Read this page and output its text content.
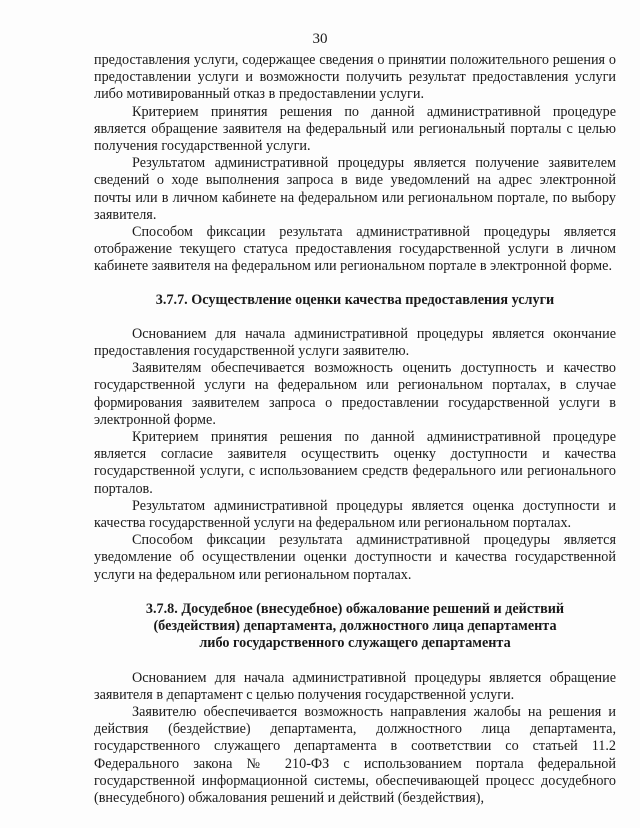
30

предоставления услуги, содержащее сведения о принятии положительного решения о предоставлении услуги и возможности получить результат предоставления услуги либо мотивированный отказ в предоставлении услуги.

Критерием принятия решения по данной административной процедуре является обращение заявителя на федеральный или региональный порталы с целью получения государственной услуги.

Результатом административной процедуры является получение заявителем сведений о ходе выполнения запроса в виде уведомлений на адрес электронной почты или в личном кабинете на федеральном или региональном портале, по выбору заявителя.

Способом фиксации результата административной процедуры является отображение текущего статуса предоставления государственной услуги в личном кабинете заявителя на федеральном или региональном портале в электронной форме.

3.7.7. Осуществление оценки качества предоставления услуги

Основанием для начала административной процедуры является окончание предоставления государственной услуги заявителю.

Заявителям обеспечивается возможность оценить доступность и качество государственной услуги на федеральном или региональном порталах, в случае формирования заявителем запроса о предоставлении государственной услуги в электронной форме.

Критерием принятия решения по данной административной процедуре является согласие заявителя осуществить оценку доступности и качества государственной услуги, с использованием средств федерального или регионального порталов.

Результатом административной процедуры является оценка доступности и качества государственной услуги на федеральном или региональном порталах.

Способом фиксации результата административной процедуры является уведомление об осуществлении оценки доступности и качества государственной услуги на федеральном или региональном порталах.

3.7.8. Досудебное (внесудебное) обжалование решений и действий
(бездействия) департамента, должностного лица департамента
либо государственного служащего департамента

Основанием для начала административной процедуры является обращение заявителя в департамент с целью получения государственной услуги.

Заявителю обеспечивается возможность направления жалобы на решения и действия (бездействие) департамента, должностного лица департамента, государственного служащего департамента в соответствии со статьей 11.2 Федерального закона № 210-ФЗ с использованием портала федеральной государственной информационной системы, обеспечивающей процесс досудебного (внесудебного) обжалования решений и действий (бездействия),
